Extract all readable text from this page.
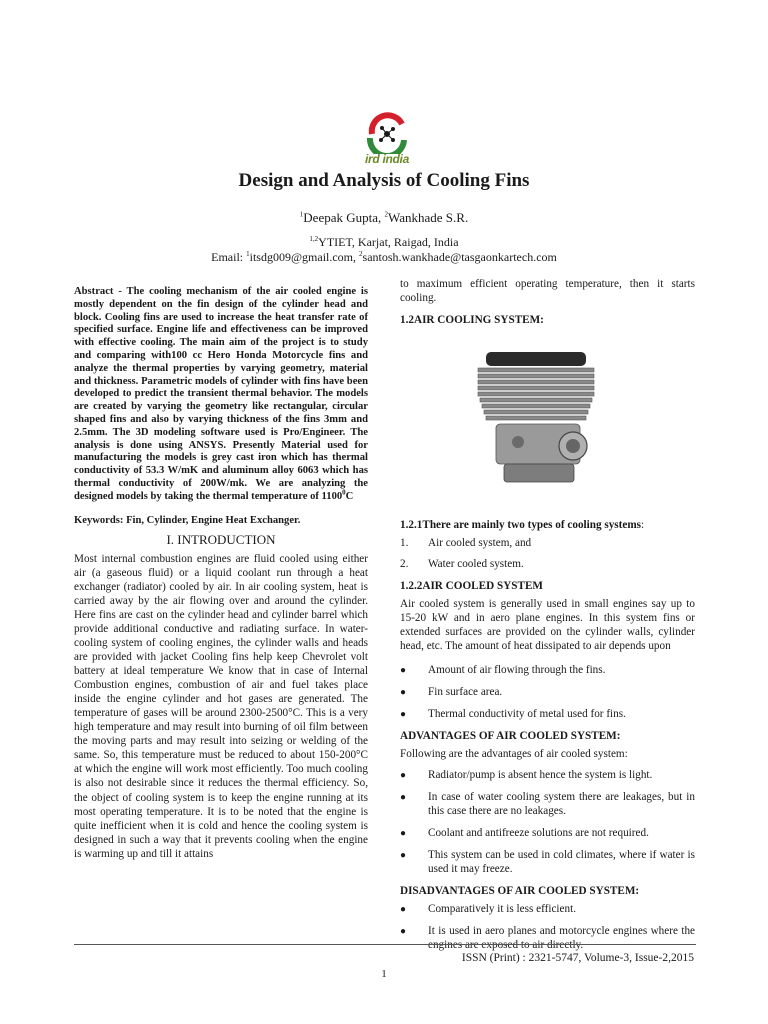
ird india
Design and Analysis of Cooling Fins
$^1$Deepak Gupta, $^2$Wankhade S.R.
$^{1,2}$YTIET, Karjat, Raigad, India
Email: $^1$itsdg009@gmail.com, $^2$santosh.wankhade@tasgaonkartech.com

Abstract - The cooling mechanism of the air cooled engine is mostly dependent on the fin design of the cylinder head and block. Cooling fins are used to increase the heat transfer rate of specified surface. Engine life and effectiveness can be improved with effective cooling. The main aim of the project is to study and comparing with100 cc Hero Honda Motorcycle fins and analyze the thermal properties by varying geometry, material and thickness. Parametric models of cylinder with fins have been developed to predict the transient thermal behavior. The models are created by varying the geometry like rectangular, circular shaped fins and also by varying thickness of the fins 3mm and 2.5mm. The 3D modeling software used is Pro/Engineer. The analysis is done using ANSYS. Presently Material used for manufacturing the models is grey cast iron which has thermal conductivity of 53.3 W/mK and aluminum alloy 6063 which has thermal conductivity of 200W/mk. We are analyzing the designed models by taking the thermal temperature of 1100$^0$C

Keywords: Fin, Cylinder, Engine Heat Exchanger.

I. INTRODUCTION

Most internal combustion engines are fluid cooled using either air (a gaseous fluid) or a liquid coolant run through a heat exchanger (radiator) cooled by air. In air cooling system, heat is carried away by the air flowing over and around the cylinder. Here fins are cast on the cylinder head and cylinder barrel which provide additional conductive and radiating surface. In water-cooling system of cooling engines, the cylinder walls and heads are provided with jacket Cooling fins help keep Chevrolet volt battery at ideal temperature We know that in case of Internal Combustion engines, combustion of air and fuel takes place inside the engine cylinder and hot gases are generated. The temperature of gases will be around 2300-2500°C. This is a very high temperature and may result into burning of oil film between the moving parts and may result into seizing or welding of the same. So, this temperature must be reduced to about 150-200°C at which the engine will work most efficiently. Too much cooling is also not desirable since it reduces the thermal efficiency. So, the object of cooling system is to keep the engine running at its most operating temperature. It is to be noted that the engine is quite inefficient when it is cold and hence the cooling system is designed in such a way that it prevents cooling when the engine is warming up and till it attains

to maximum efficient operating temperature, then it starts cooling.

1.2AIR COOLING SYSTEM:
1.2.1There are mainly two types of cooling systems:
1.	Air cooled system, and
2.	Water cooled system.
1.2.2AIR COOLED SYSTEM

Air cooled system is generally used in small engines say up to 15-20 kW and in aero plane engines. In this system fins or extended surfaces are provided on the cylinder walls, cylinder head, etc. The amount of heat dissipated to air depends upon

●	Amount of air flowing through the fins.
●	Fin surface area.
●	Thermal conductivity of metal used for fins.
ADVANTAGES OF AIR COOLED SYSTEM:

Following are the advantages of air cooled system:

●	Radiator/pump is absent hence the system is light.
●	In case of water cooling system there are leakages, but in this case there are no leakages.
●	Coolant and antifreeze solutions are not required.
●	This system can be used in cold climates, where if water is used it may freeze.
DISADVANTAGES OF AIR COOLED SYSTEM:
●	Comparatively it is less efficient.
●	It is used in aero planes and motorcycle engines where the engines are exposed to air directly.
ISSN (Print) : 2321-5747, Volume-3, Issue-2,2015
1
